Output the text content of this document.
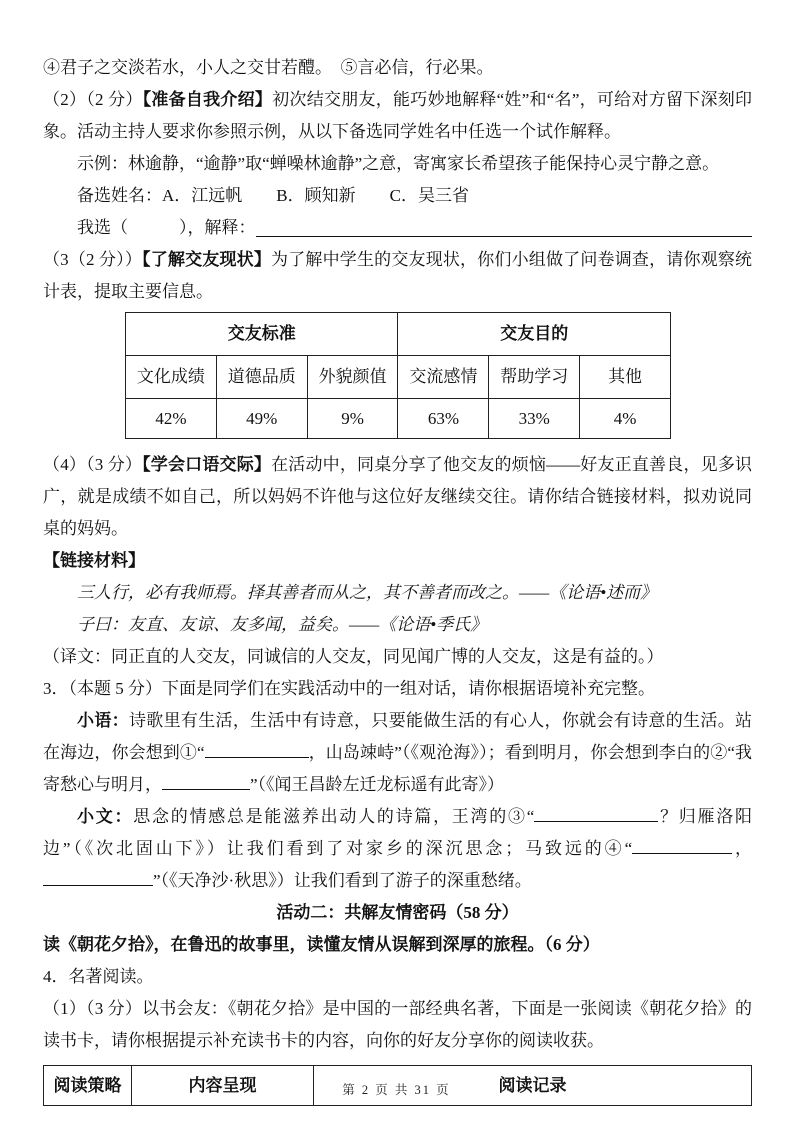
④君子之交淡若水，小人之交甘若醴。　⑤言必信，行必果。

（2）（2 分）【准备自我介绍】初次结交朋友，能巧妙地解释“姓”和“名”，可给对方留下深刻印象。活动主持人要求你参照示例，从以下备选同学姓名中任选一个试作解释。

示例：林逾静，“逾静”取“蝉噪林逾静”之意，寄寓家长希望孩子能保持心灵宁静之意。

备选姓名：A．江远帆　　B．顾知新　　C．吴三省

我选（　　　），解释：

（3（2 分））【了解交友现状】为了解中学生的交友现状，你们小组做了问卷调查，请你观察统计表，提取主要信息。

交友标准			交友目的		
文化成绩	道德品质	外貌颜值	交流感情	帮助学习	其他
42%	49%	9%	63%	33%	4%

（4）（3 分）【学会口语交际】在活动中，同桌分享了他交友的烦恼——好友正直善良，见多识广，就是成绩不如自己，所以妈妈不许他与这位好友继续交往。请你结合链接材料，拟劝说同桌的妈妈。

【链接材料】

三人行，必有我师焉。择其善者而从之，其不善者而改之。——《论语•述而》

子曰：友直、友谅、友多闻，益矣。——《论语•季氏》

（译文：同正直的人交友，同诚信的人交友，同见闻广博的人交友，这是有益的。）

3．（本题 5 分）下面是同学们在实践活动中的一组对话，请你根据语境补充完整。

小语：诗歌里有生活，生活中有诗意，只要能做生活的有心人，你就会有诗意的生活。站在海边，你会想到①“	，山岛竦峙”（《观沧海》）；看到明月，你会想到李白的②“我寄愁心与明月，	”（《闻王昌龄左迁龙标遥有此寄》）

小文：思念的情感总是能滋养出动人的诗篇，王湾的③“	？归雁洛阳边”（《次北固山下》）让我们看到了对家乡的深沉思念；马致远的④“	，”（《天净沙·秋思》）让我们看到了游子的深重愁绪。

活动二：共解友情密码（58 分）

读《朝花夕拾》，在鲁迅的故事里，读懂友情从误解到深厚的旅程。（6 分）

4．名著阅读。

（1）（3 分）以书会友：《朝花夕拾》是中国的一部经典名著，下面是一张阅读《朝花夕拾》的读书卡，请你根据提示补充读书卡的内容，向你的好友分享你的阅读收获。

阅读策略	内容呈现	阅读记录
第 2 页 共 31 页
